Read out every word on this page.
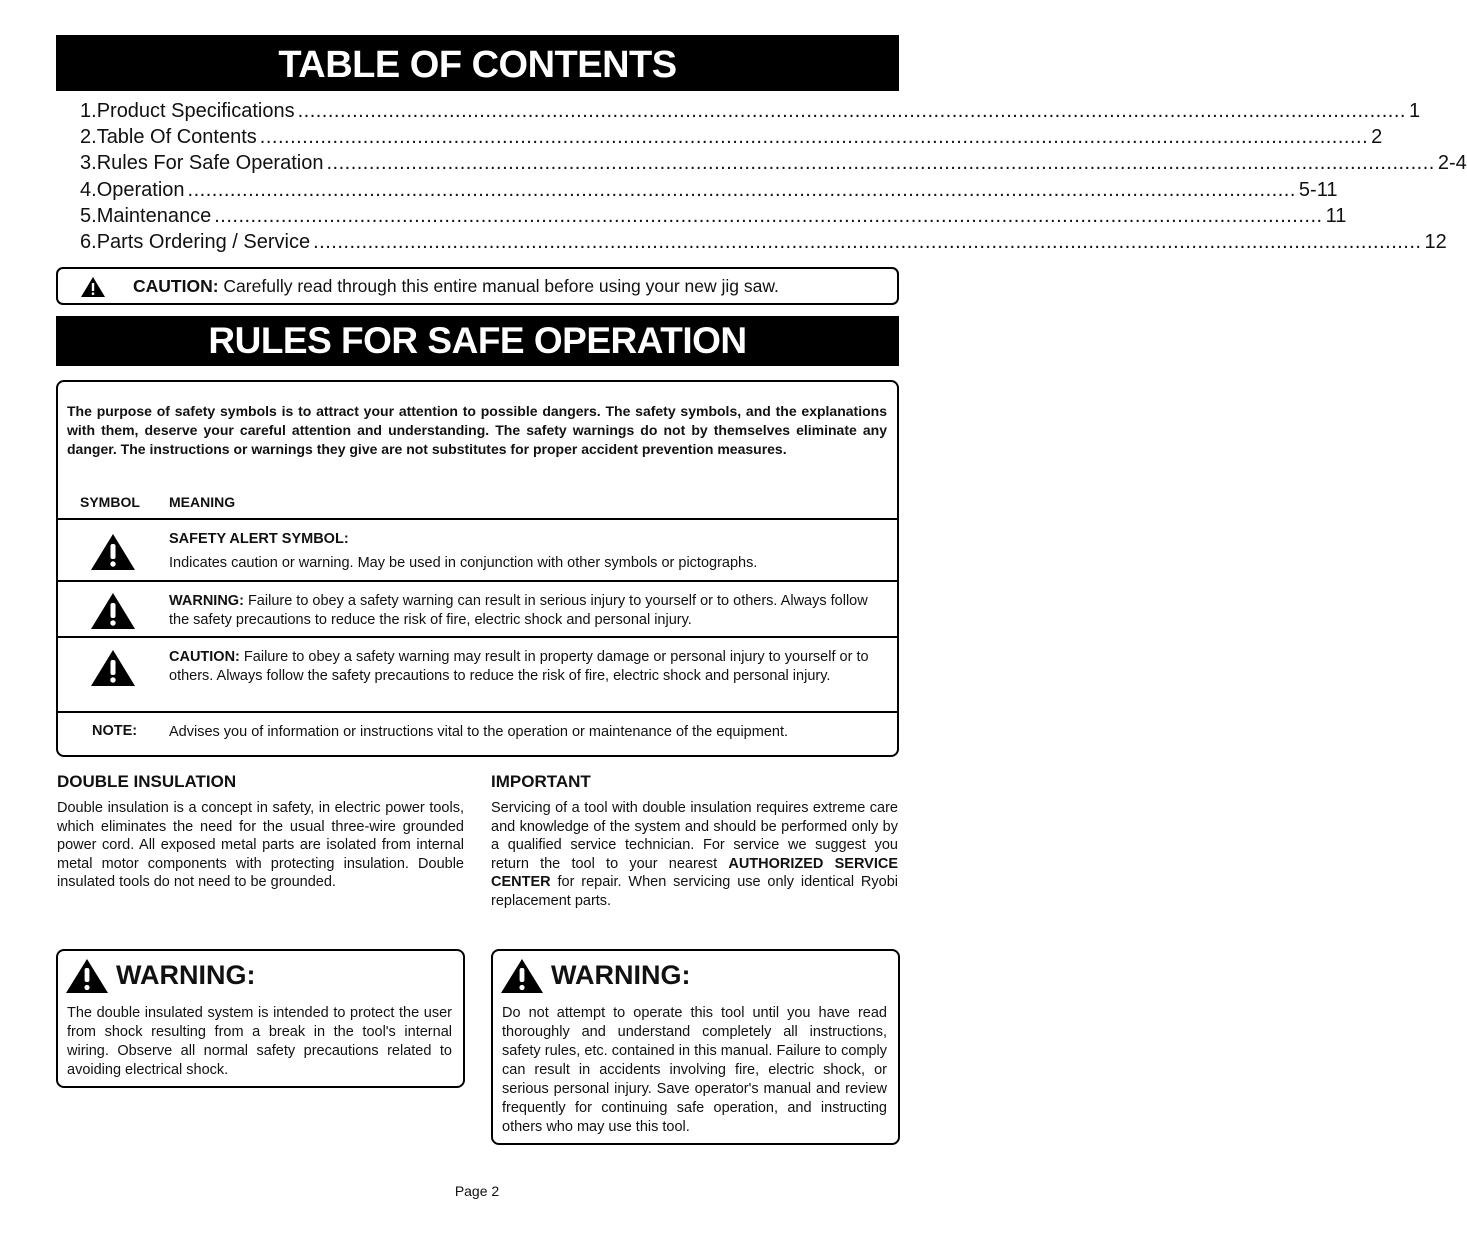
TABLE OF CONTENTS
1. Product Specifications ....................................................................................................................................................................................... 1
2. Table Of Contents ....................................................................................................................................................................................... 2
3. Rules For Safe Operation ....................................................................................................................................................................................... 2-4
4. Operation ....................................................................................................................................................................................... 5-11
5. Maintenance ....................................................................................................................................................................................... 11
6. Parts Ordering / Service ....................................................................................................................................................................................... 12
CAUTION: Carefully read through this entire manual before using your new jig saw.
RULES FOR SAFE OPERATION
The purpose of safety symbols is to attract your attention to possible dangers. The safety symbols, and the explanations with them, deserve your careful attention and understanding. The safety warnings do not by themselves eliminate any danger. The instructions or warnings they give are not substitutes for proper accident prevention measures.
SYMBOL MEANING
SAFETY ALERT SYMBOL:
Indicates caution or warning. May be used in conjunction with other symbols or pictographs.
WARNING: Failure to obey a safety warning can result in serious injury to yourself or to others. Always follow the safety precautions to reduce the risk of fire, electric shock and personal injury.
CAUTION: Failure to obey a safety warning may result in property damage or personal injury to yourself or to others. Always follow the safety precautions to reduce the risk of fire, electric shock and personal injury.
NOTE: Advises you of information or instructions vital to the operation or maintenance of the equipment.
DOUBLE INSULATION
Double insulation is a concept in safety, in electric power tools, which eliminates the need for the usual three-wire grounded power cord. All exposed metal parts are isolated from internal metal motor components with protecting insulation. Double insulated tools do not need to be grounded.
IMPORTANT
Servicing of a tool with double insulation requires extreme care and knowledge of the system and should be performed only by a qualified service technician. For service we suggest you return the tool to your nearest AUTHORIZED SERVICE CENTER for repair. When servicing use only identical Ryobi replacement parts.
WARNING:
The double insulated system is intended to protect the user from shock resulting from a break in the tool's internal wiring. Observe all normal safety precautions related to avoiding electrical shock.
WARNING:
Do not attempt to operate this tool until you have read thoroughly and understand completely all instructions, safety rules, etc. contained in this manual. Failure to comply can result in accidents involving fire, electric shock, or serious personal injury. Save operator's manual and review frequently for continuing safe operation, and instructing others who may use this tool.
Page 2
